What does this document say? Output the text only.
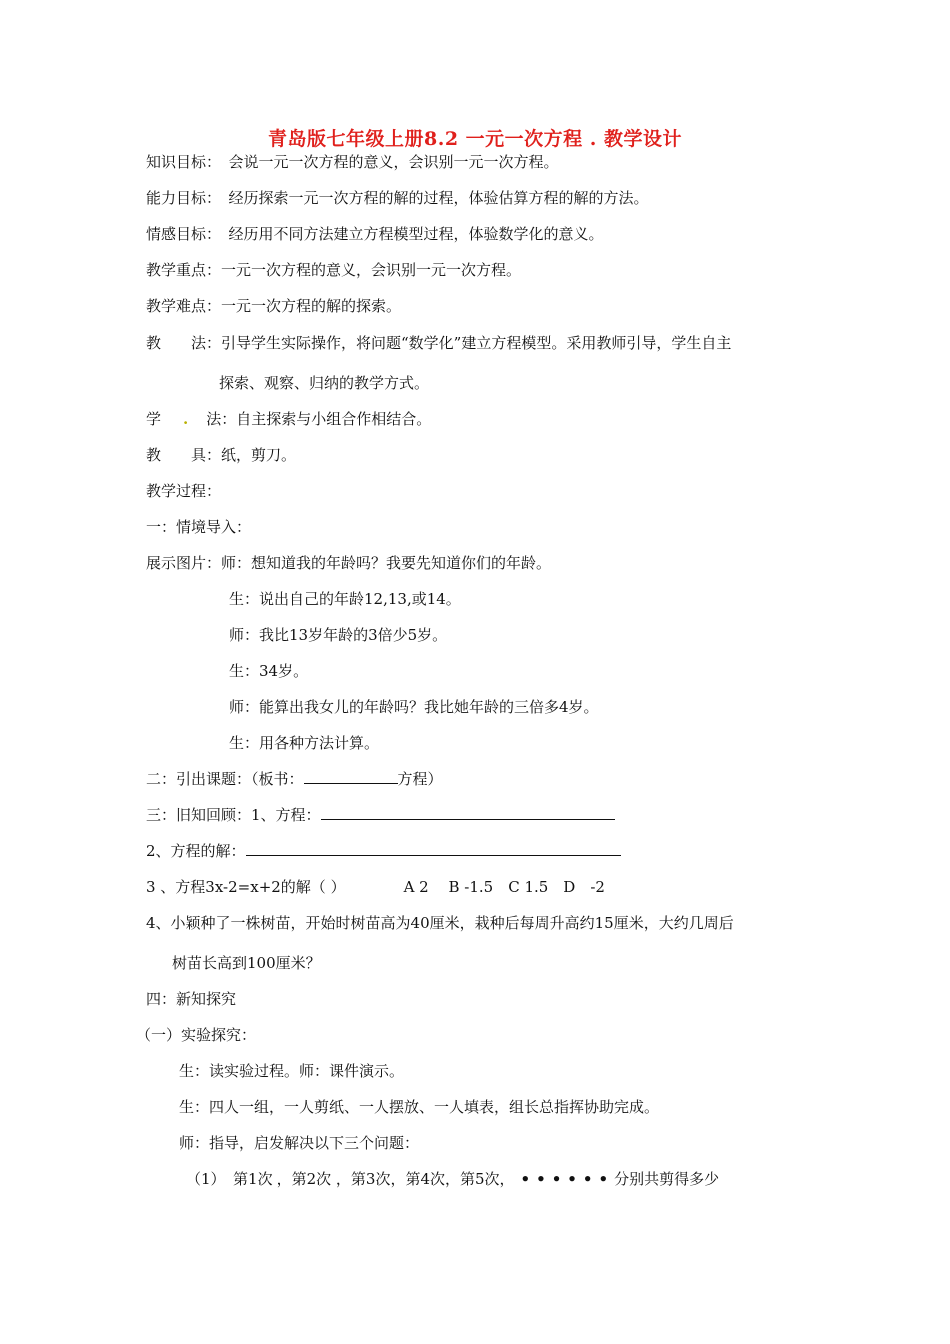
青岛版七年级上册8.2 一元一次方程 . 教学设计
知识目标：　会说一元一次方程的意义，会识别一元一次方程。
能力目标：　经历探索一元一次方程的解的过程，体验估算方程的解的方法。
情感目标：　经历用不同方法建立方程模型过程，体验数学化的意义。
教学重点：一元一次方程的意义，会识别一元一次方程。
教学难点：一元一次方程的解的探索。
教　　法：引导学生实际操作，将问题“数学化”建立方程模型。采用教师引导，学生自主
探索、观察、归纳的教学方式。
学 . 法：自主探索与小组合作相结合。
教　　具：纸，剪刀。
教学过程：
一：情境导入：
展示图片：师：想知道我的年龄吗？我要先知道你们的年龄。
生：说出自己的年龄12,13,或14。
师：我比13岁年龄的3倍少5岁。
生：34岁。
师：能算出我女儿的年龄吗？我比她年龄的三倍多4岁。
生：用各种方法计算。
二：引出课题：（板书：	方程）
三：旧知回顾：1、方程：
2、方程的解：
3 、方程3x-2=x+2的解（ ）	A 2　 B -1.5　C 1.5　D　-2
4、小颖种了一株树苗，开始时树苗高为40厘米，栽种后每周升高约15厘米，大约几周后
树苗长高到100厘米？
四：新知探究
（一）实验探究：
生：读实验过程。师：课件演示。
生：四人一组，一人剪纸、一人摆放、一人填表，组长总指挥协助完成。
师：指导，启发解决以下三个问题：
（1）　第1次 ，第2次 ，第3次，第4次，第5次， ••••••分别共剪得多少
